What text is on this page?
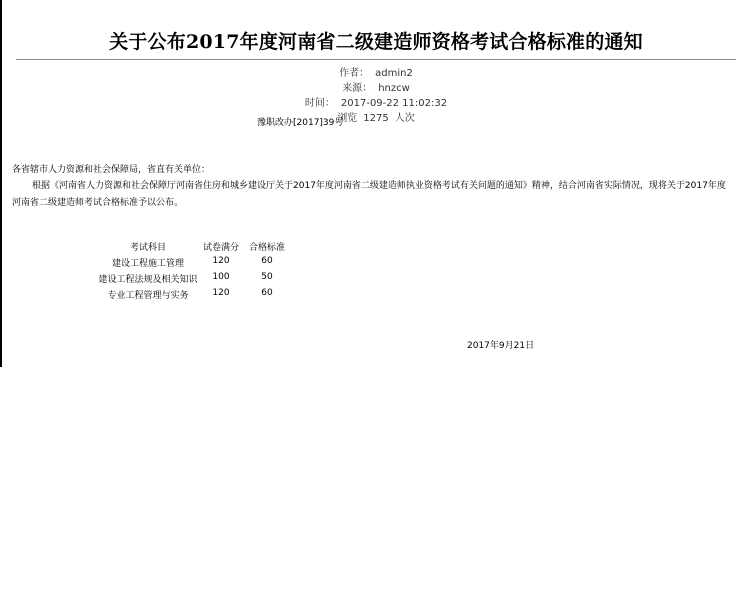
关于公布2017年度河南省二级建造师资格考试合格标准的通知
作者： admin2
来源： hnzcw
时间： 2017-09-22 11:02:32
浏览 1275 人次
豫职改办[2017]39号
各省辖市人力资源和社会保障局，省直有关单位：
根据《河南省人力资源和社会保障厅河南省住房和城乡建设厅关于2017年度河南省二级建造师执业资格考试有关问题的通知》精神，结合河南省实际情况，现将关于2017年度河南省二级建造师考试合格标准予以公布。
考试科目	试卷满分	合格标准
建设工程施工管理	120	60
建设工程法规及相关知识	100	50
专业工程管理与实务	120	60
2017年9月21日
